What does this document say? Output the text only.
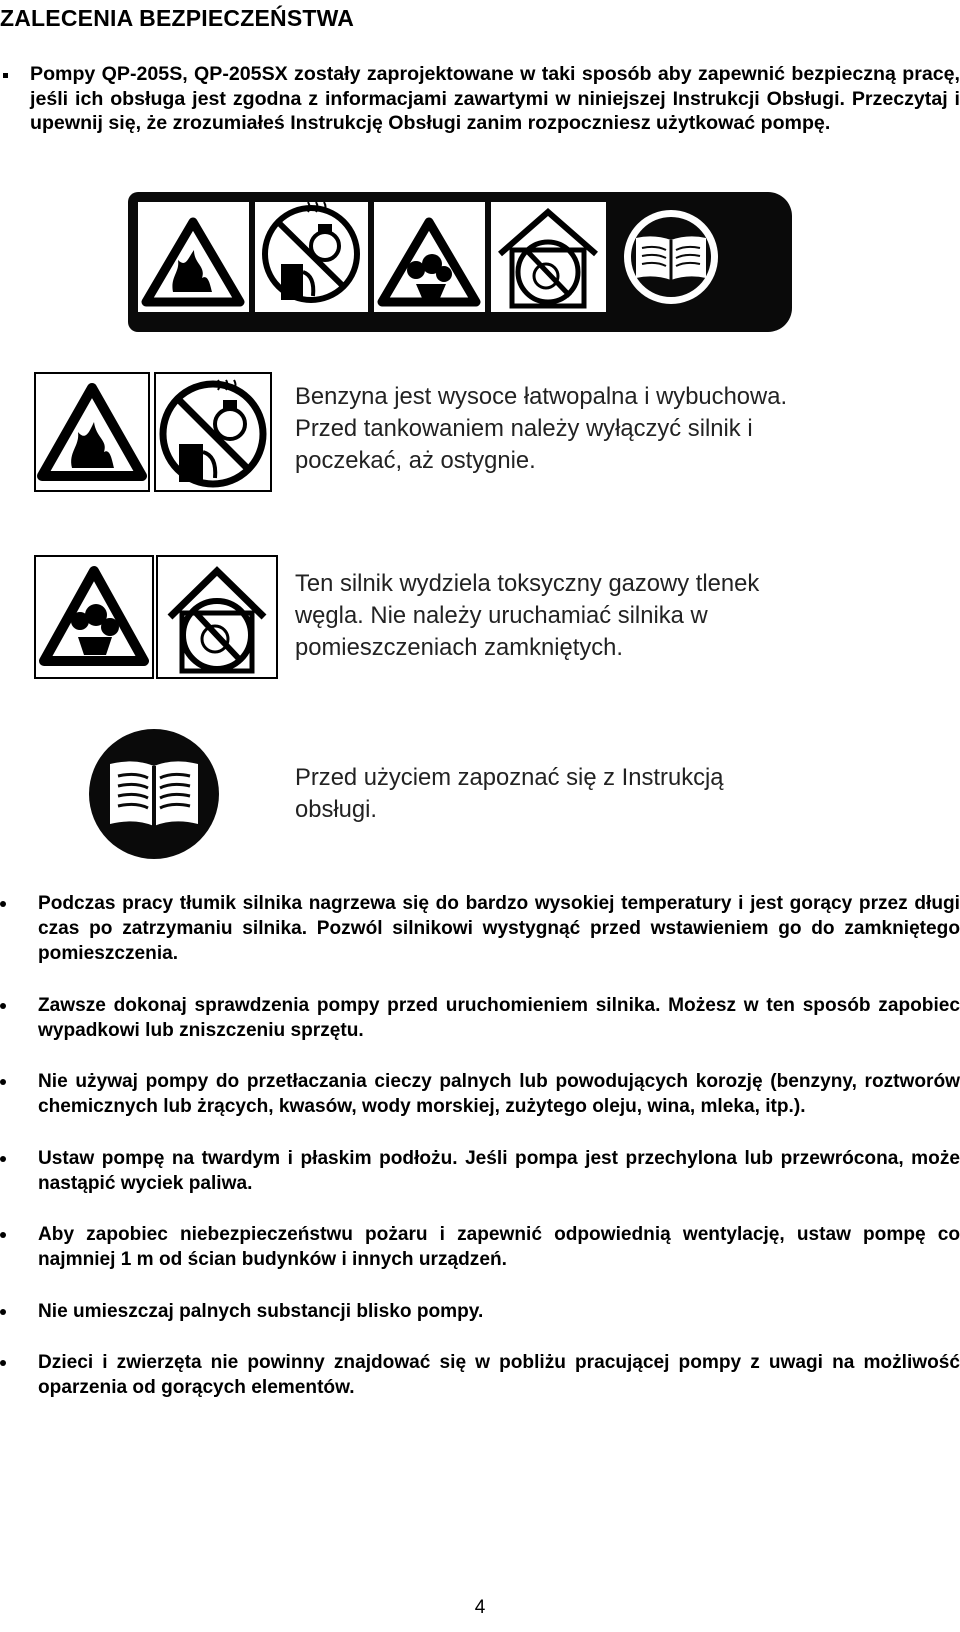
ZALECENIA BEZPIECZEŃSTWA
Pompy QP-205S, QP-205SX zostały zaprojektowane w taki sposób aby zapewnić bezpieczną pracę, jeśli ich obsługa jest zgodna z informacjami zawartymi w niniejszej Instrukcji Obsługi. Przeczytaj i upewnij się, że zrozumiałeś Instrukcję Obsługi zanim rozpoczniesz użytkować pompę.
Benzyna jest wysoce łatwopalna i wybuchowa.
Przed tankowaniem należy wyłączyć silnik i
poczekać, aż ostygnie.
Ten silnik wydziela toksyczny gazowy tlenek
węgla. Nie należy uruchamiać silnika w
pomieszczeniach zamkniętych.
Przed użyciem zapoznać się z Instrukcją
obsługi.
Podczas pracy tłumik silnika nagrzewa się do bardzo wysokiej temperatury i jest gorący przez długi czas po zatrzymaniu silnika. Pozwól silnikowi wystygnąć przed wstawieniem go do zamkniętego pomieszczenia.
Zawsze dokonaj sprawdzenia pompy przed uruchomieniem silnika. Możesz w ten sposób zapobiec wypadkowi lub zniszczeniu sprzętu.
Nie używaj pompy do przetłaczania cieczy palnych lub powodujących korozję (benzyny, roztworów chemicznych lub żrących, kwasów, wody morskiej, zużytego oleju, wina, mleka, itp.).
Ustaw pompę na twardym i płaskim podłożu. Jeśli pompa jest przechylona lub przewrócona, może nastąpić wyciek paliwa.
Aby zapobiec niebezpieczeństwu pożaru i zapewnić odpowiednią wentylację, ustaw pompę co najmniej 1 m od ścian budynków i innych urządzeń.
Nie umieszczaj palnych substancji blisko pompy.
Dzieci i zwierzęta nie powinny znajdować się w pobliżu pracującej pompy z uwagi na możliwość oparzenia od gorących elementów.
4
